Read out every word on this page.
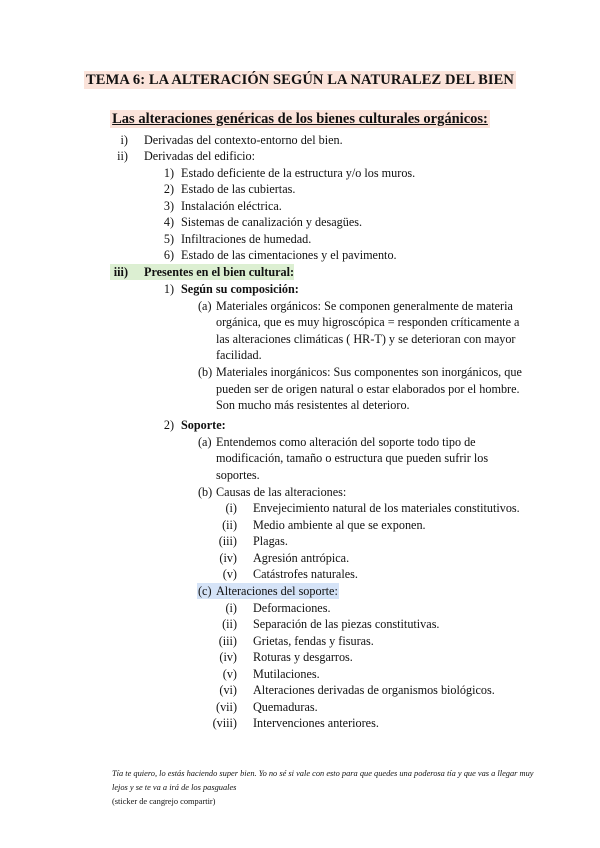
TEMA 6: LA ALTERACIÓN SEGÚN LA NATURALEZ DEL BIEN
Las alteraciones genéricas de los bienes culturales orgánicos:
i) Derivadas del contexto-entorno del bien.
ii) Derivadas del edificio:
1) Estado deficiente de la estructura y/o los muros.
2) Estado de las cubiertas.
3) Instalación eléctrica.
4) Sistemas de canalización y desagües.
5) Infiltraciones de humedad.
6) Estado de las cimentaciones y el pavimento.
iii) Presentes en el bien cultural:
1) Según su composición:
(a) Materiales orgánicos: Se componen generalmente de materia
orgánica, que es muy higroscópica = responden críticamente a
las alteraciones climáticas ( HR-T) y se deterioran con mayor
facilidad.
(b) Materiales inorgánicos: Sus componentes son inorgánicos, que
pueden ser de origen natural o estar elaborados por el hombre.
Son mucho más resistentes al deterioro.
2) Soporte:
(a) Entendemos como alteración del soporte todo tipo de
modificación, tamaño o estructura que pueden sufrir los
soportes.
(b) Causas de las alteraciones:
(i) Envejecimiento natural de los materiales constitutivos.
(ii) Medio ambiente al que se exponen.
(iii) Plagas.
(iv) Agresión antrópica.
(v) Catástrofes naturales.
(c) Alteraciones del soporte:
(i) Deformaciones.
(ii) Separación de las piezas constitutivas.
(iii) Grietas, fendas y fisuras.
(iv) Roturas y desgarros.
(v) Mutilaciones.
(vi) Alteraciones derivadas de organismos biológicos.
(vii) Quemaduras.
(viii) Intervenciones anteriores.
Tía te quiero, lo estás haciendo super bien. Yo no sé si vale con esto para que quedes una poderosa tía y que vas a llegar muy
lejos y se te va a irá de los pasguales
(sticker de cangrejo compartir)
